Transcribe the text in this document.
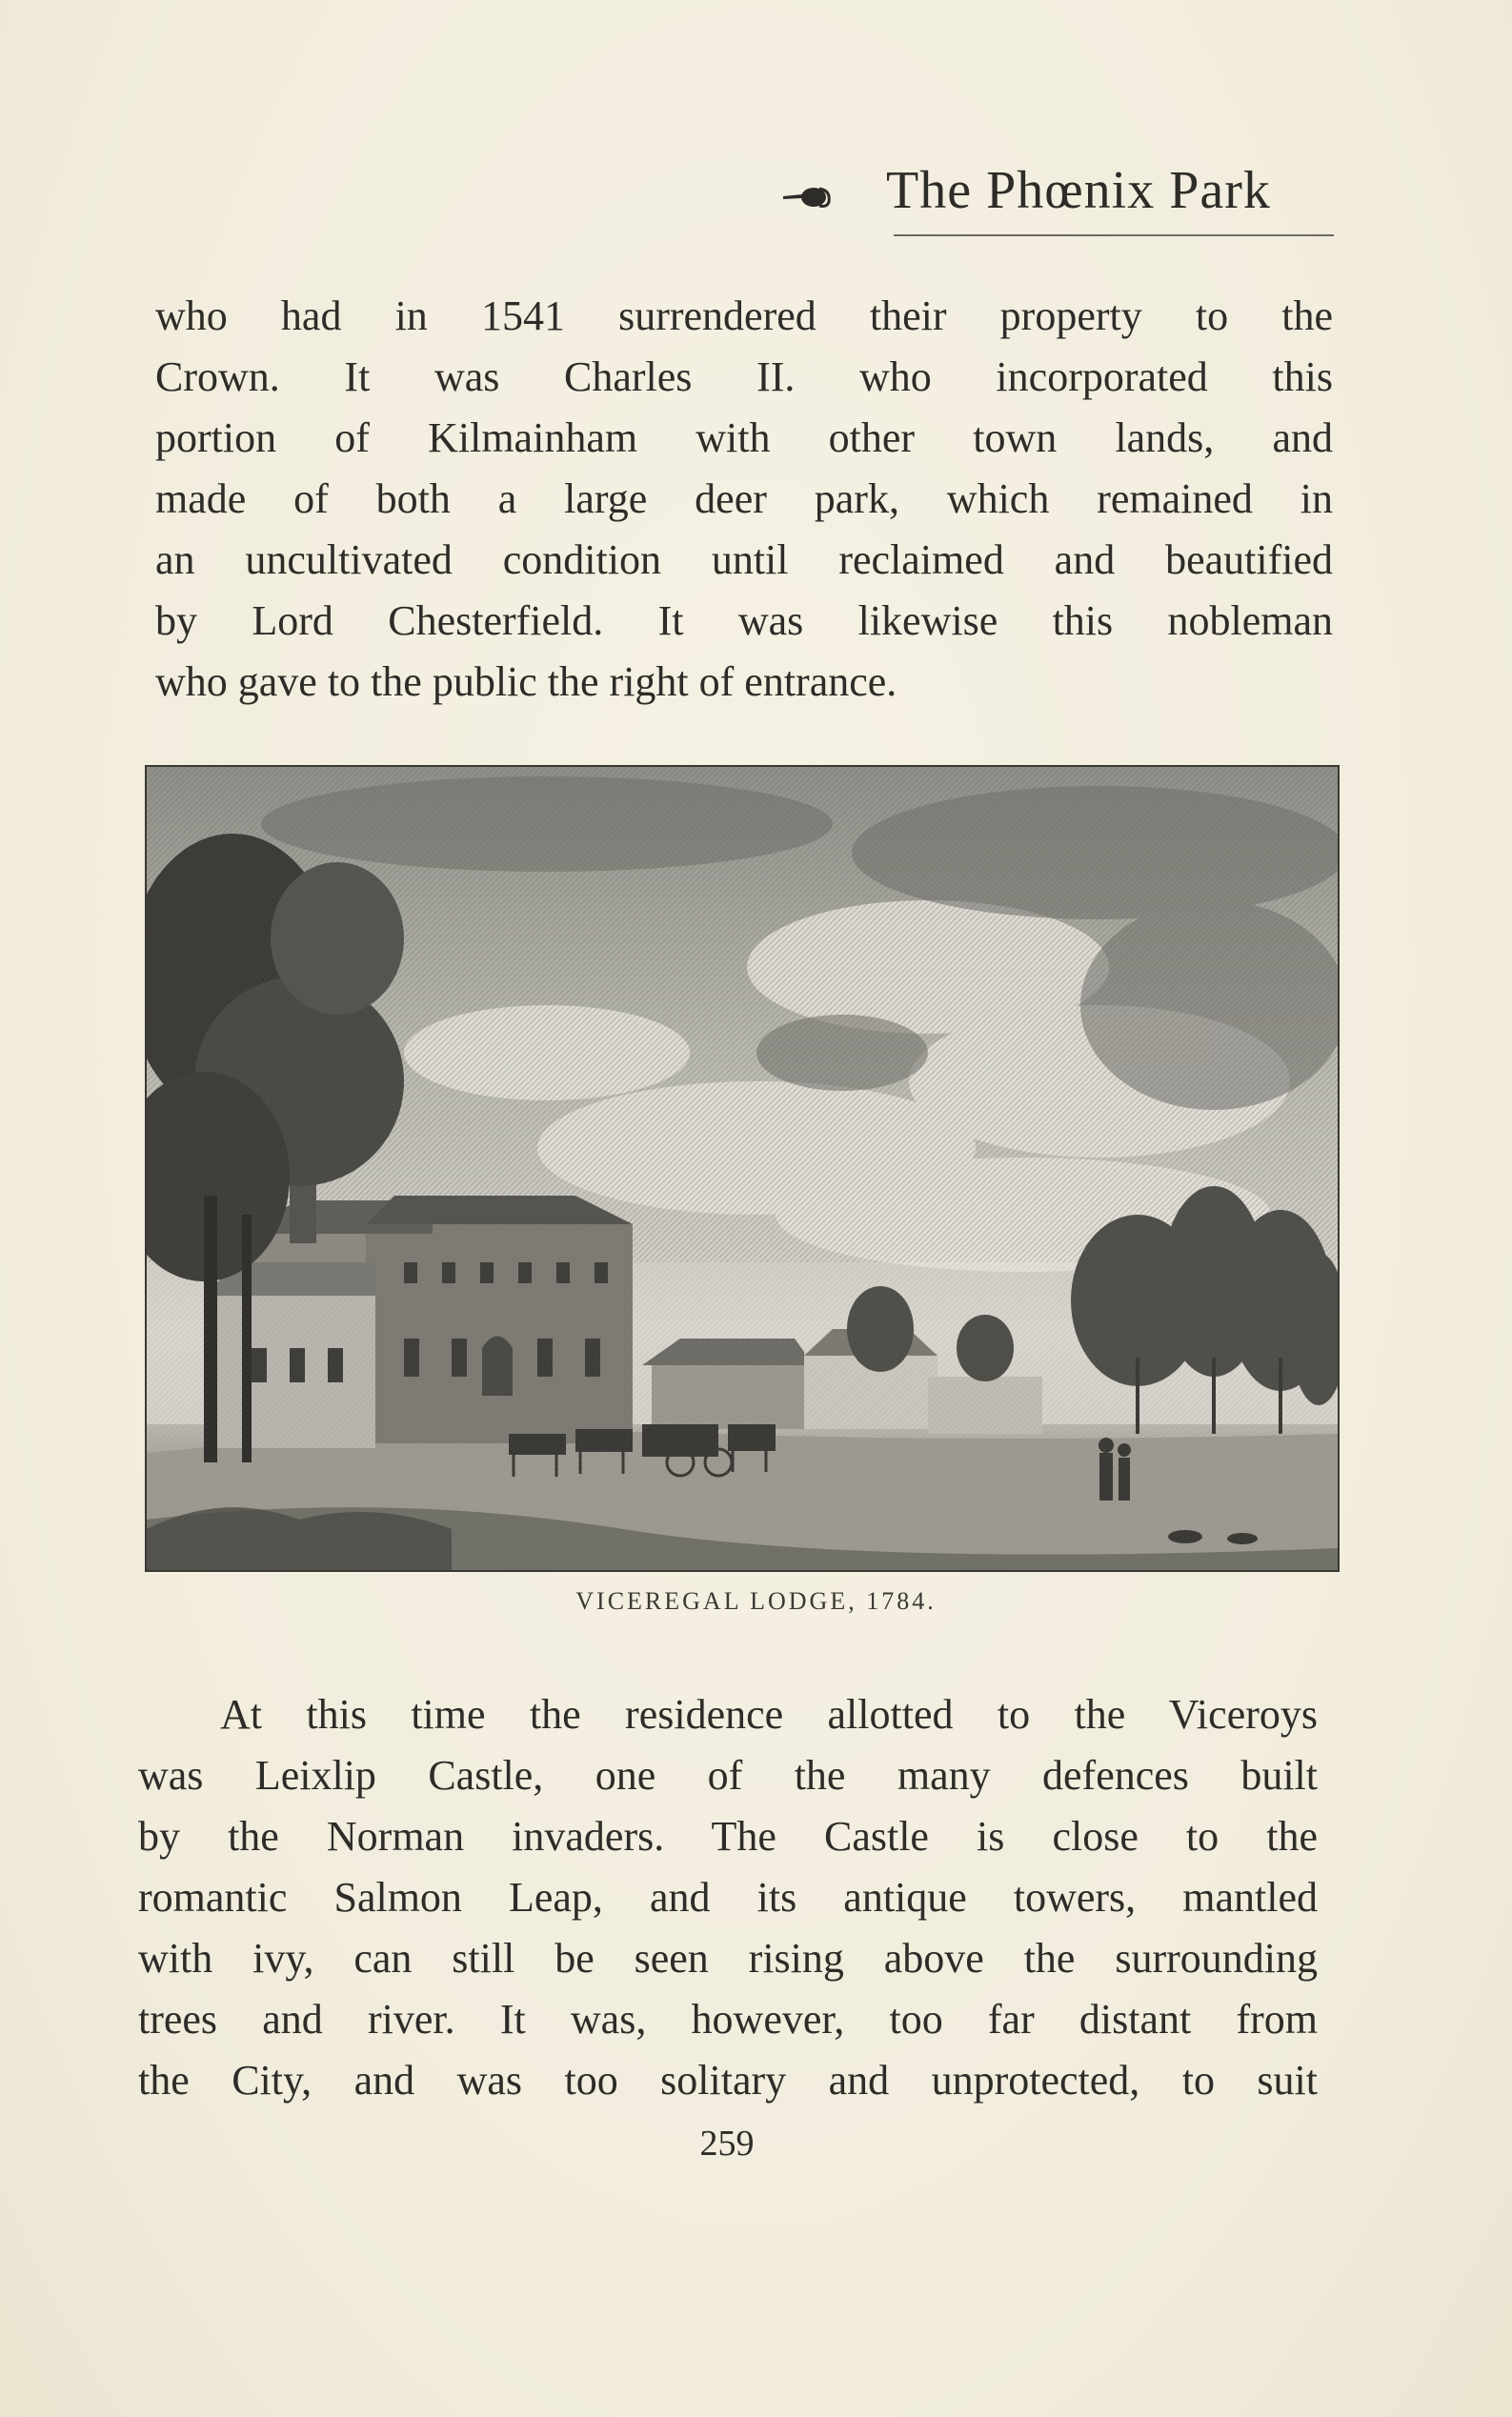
The Phœnix Park
who had in 1541 surrendered their property to the
Crown. It was Charles II. who incorporated this
portion of Kilmainham with other town lands, and
made of both a large deer park, which remained in
an uncultivated condition until reclaimed and beautified
by Lord Chesterfield. It was likewise this nobleman
who gave to the public the right of entrance.
VICEREGAL LODGE, 1784.
At this time the residence allotted to the Viceroys
was Leixlip Castle, one of the many defences built
by the Norman invaders. The Castle is close to the
romantic Salmon Leap, and its antique towers, mantled
with ivy, can still be seen rising above the surrounding
trees and river. It was, however, too far distant from
the City, and was too solitary and unprotected, to suit
259
